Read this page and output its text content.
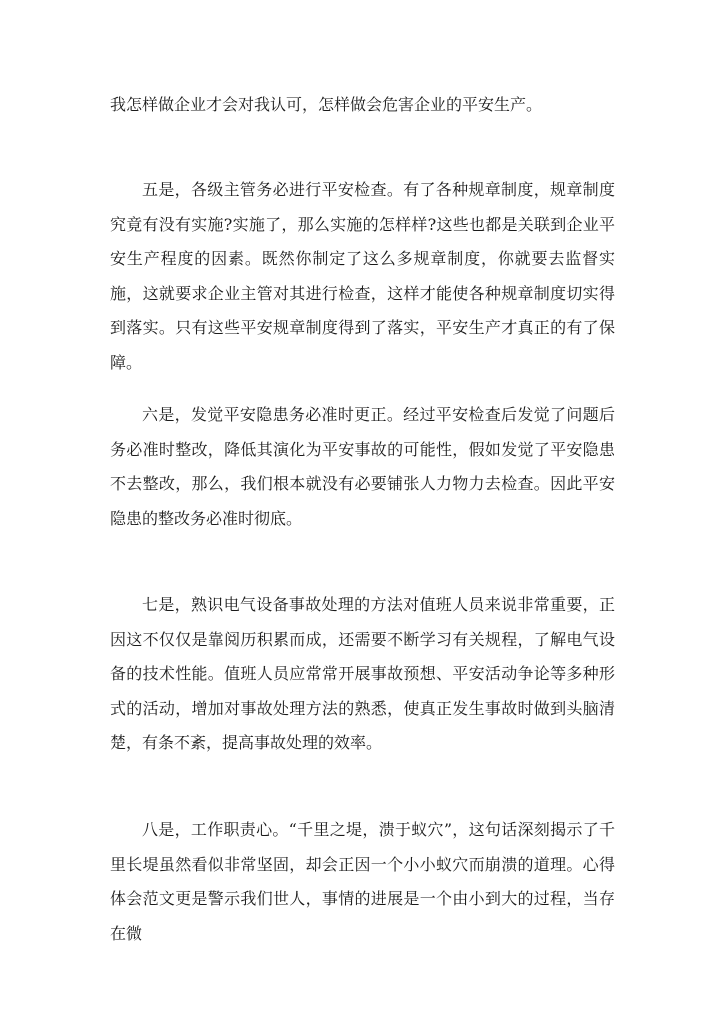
我怎样做企业才会对我认可，怎样做会危害企业的平安生产。

五是，各级主管务必进行平安检查。有了各种规章制度，规章制度究竟有没有实施?实施了，那么实施的怎样样?这些也都是关联到企业平安生产程度的因素。既然你制定了这么多规章制度，你就要去监督实施，这就要求企业主管对其进行检查，这样才能使各种规章制度切实得到落实。只有这些平安规章制度得到了落实，平安生产才真正的有了保障。

六是，发觉平安隐患务必准时更正。经过平安检查后发觉了问题后务必准时整改，降低其演化为平安事故的可能性，假如发觉了平安隐患不去整改，那么，我们根本就没有必要铺张人力物力去检查。因此平安隐患的整改务必准时彻底。

七是，熟识电气设备事故处理的方法对值班人员来说非常重要，正因这不仅仅是靠阅历积累而成，还需要不断学习有关规程，了解电气设备的技术性能。值班人员应常常开展事故预想、平安活动争论等多种形式的活动，增加对事故处理方法的熟悉，使真正发生事故时做到头脑清楚，有条不紊，提高事故处理的效率。

八是，工作职责心。“千里之堤，溃于蚁穴”，这句话深刻揭示了千里长堤虽然看似非常坚固，却会正因一个小小蚁穴而崩溃的道理。心得体会范文更是警示我们世人，事情的进展是一个由小到大的过程，当存在微
